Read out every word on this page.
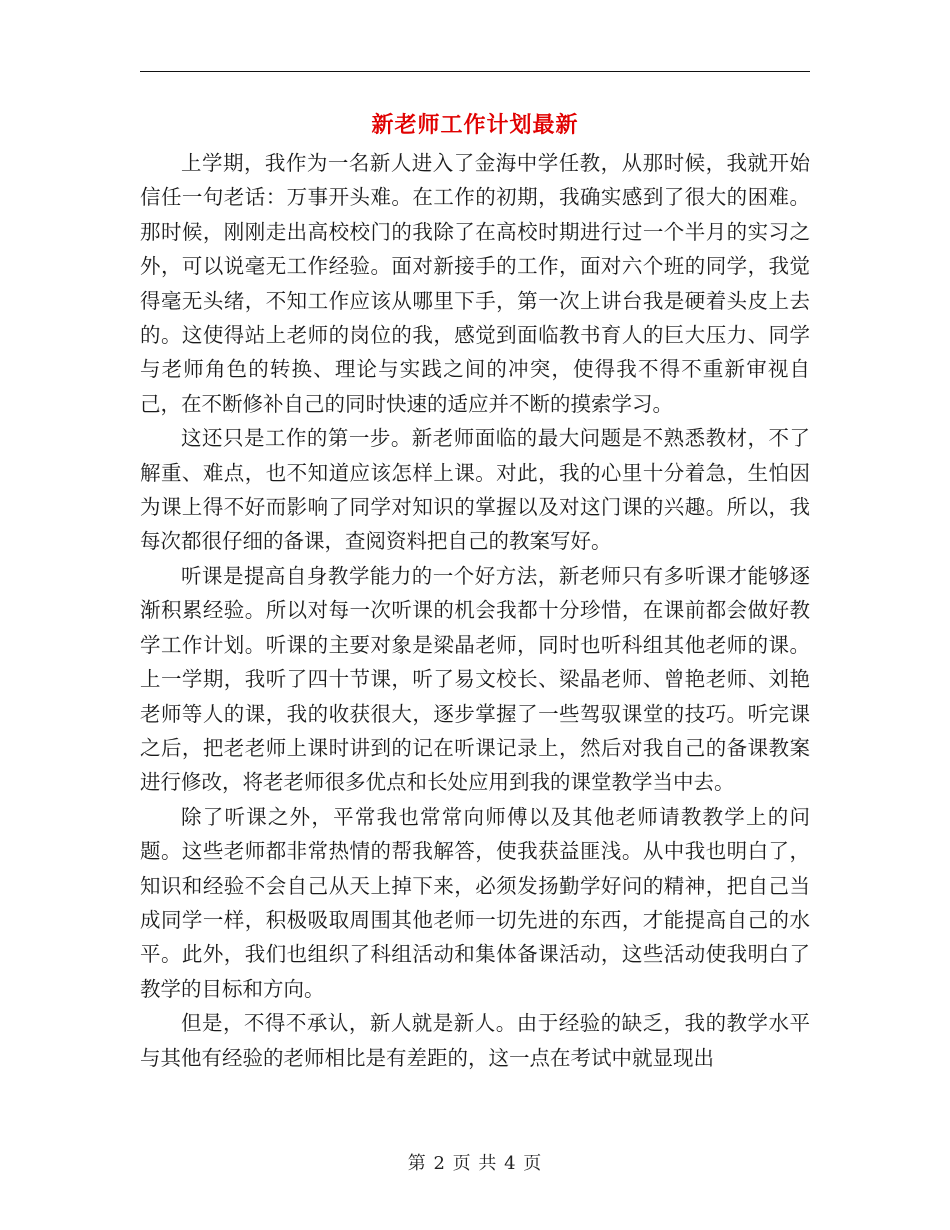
新老师工作计划最新

上学期，我作为一名新人进入了金海中学任教，从那时候，我就开始信任一句老话：万事开头难。在工作的初期，我确实感到了很大的困难。那时候，刚刚走出高校校门的我除了在高校时期进行过一个半月的实习之外，可以说毫无工作经验。面对新接手的工作，面对六个班的同学，我觉得毫无头绪，不知工作应该从哪里下手，第一次上讲台我是硬着头皮上去的。这使得站上老师的岗位的我，感觉到面临教书育人的巨大压力、同学与老师角色的转换、理论与实践之间的冲突，使得我不得不重新审视自己，在不断修补自己的同时快速的适应并不断的摸索学习。

这还只是工作的第一步。新老师面临的最大问题是不熟悉教材，不了解重、难点，也不知道应该怎样上课。对此，我的心里十分着急，生怕因为课上得不好而影响了同学对知识的掌握以及对这门课的兴趣。所以，我每次都很仔细的备课，查阅资料把自己的教案写好。

听课是提高自身教学能力的一个好方法，新老师只有多听课才能够逐渐积累经验。所以对每一次听课的机会我都十分珍惜，在课前都会做好教学工作计划。听课的主要对象是梁晶老师，同时也听科组其他老师的课。上一学期，我听了四十节课，听了易文校长、梁晶老师、曾艳老师、刘艳老师等人的课，我的收获很大，逐步掌握了一些驾驭课堂的技巧。听完课之后，把老老师上课时讲到的记在听课记录上，然后对我自己的备课教案进行修改，将老老师很多优点和长处应用到我的课堂教学当中去。

除了听课之外，平常我也常常向师傅以及其他老师请教教学上的问题。这些老师都非常热情的帮我解答，使我获益匪浅。从中我也明白了，知识和经验不会自己从天上掉下来，必须发扬勤学好问的精神，把自己当成同学一样，积极吸取周围其他老师一切先进的东西，才能提高自己的水平。此外，我们也组织了科组活动和集体备课活动，这些活动使我明白了教学的目标和方向。

但是，不得不承认，新人就是新人。由于经验的缺乏，我的教学水平与其他有经验的老师相比是有差距的，这一点在考试中就显现出

第 2 页 共 4 页
